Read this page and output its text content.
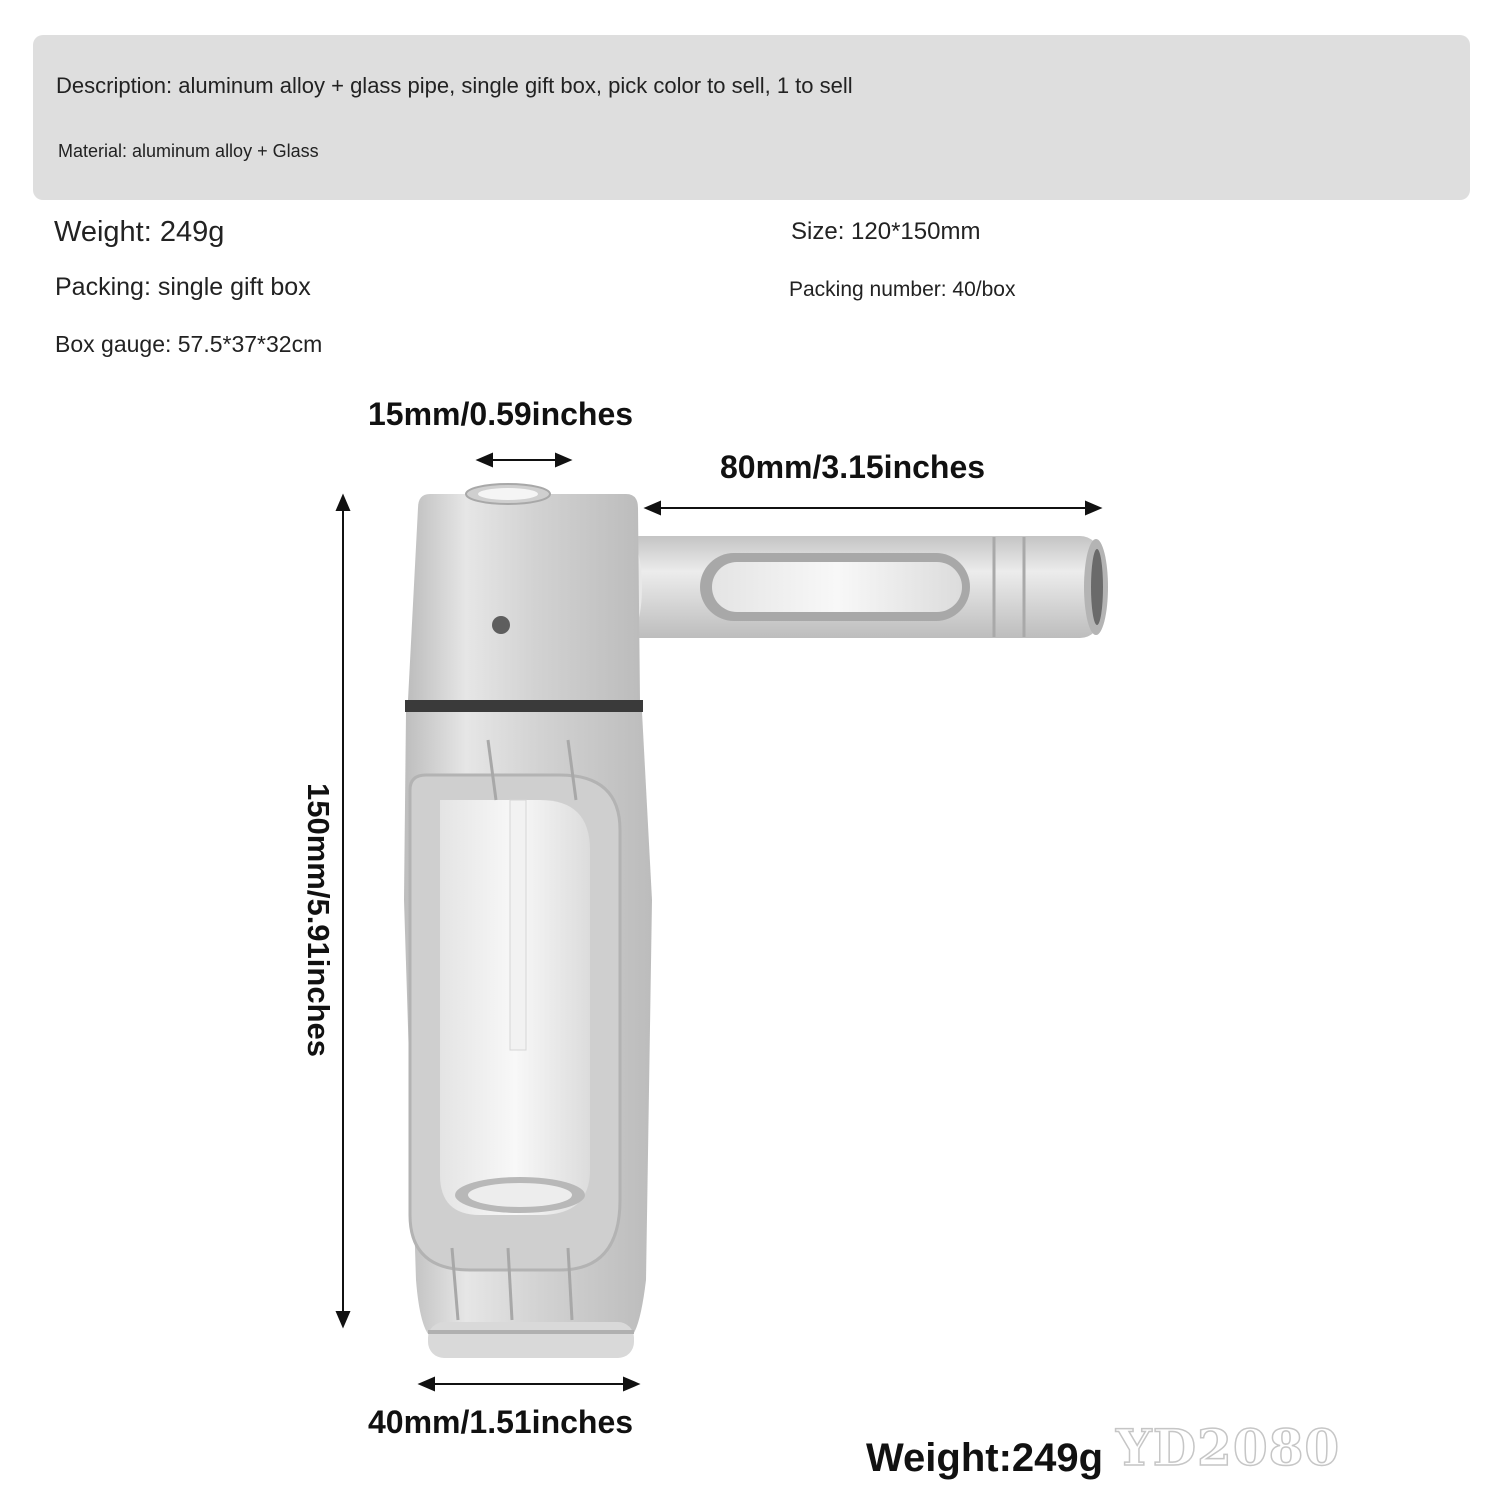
Description: aluminum alloy + glass pipe, single gift box, pick color to sell, 1 to sell
Material: aluminum alloy + Glass
Weight: 249g	Size: 120*150mm
Packing: single gift box	Packing number: 40/box
Box gauge: 57.5*37*32cm
15mm/0.59inches
80mm/3.15inches
150mm/5.91inches
40mm/1.51inches
Weight:249g YD2080
